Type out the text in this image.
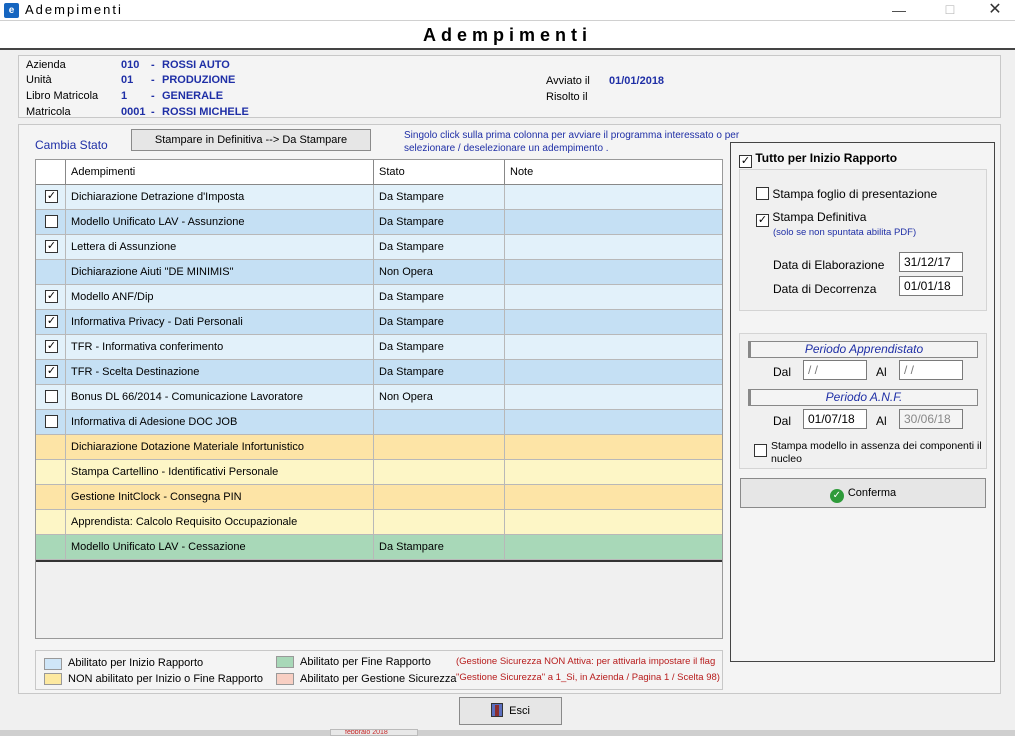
e Adempimenti	—	☐	✕
Adempimenti
Azienda	010 - ROSSI AUTO
Unità	01 - PRODUZIONE
Libro Matricola 1 - GENERALE
Matricola	0001 - ROSSI MICHELE
Avviato il 01/01/2018
Risolto il
Cambia Stato	Stampare in Definitiva --> Da Stampare	Singolo click sulla prima colonna per avviare il programma interessato o per selezionare / deselezionare un adempimento .
Adempimenti	Stato	Note
✓	Dichiarazione Detrazione d'Imposta	Da Stampare
Modello Unificato LAV - Assunzione	Da Stampare
✓	Lettera di Assunzione	Da Stampare
Dichiarazione Aiuti "DE MINIMIS"	Non Opera
✓	Modello ANF/Dip	Da Stampare
✓	Informativa Privacy - Dati Personali	Da Stampare
✓	TFR - Informativa conferimento	Da Stampare
✓	TFR - Scelta Destinazione	Da Stampare
Bonus DL 66/2014 - Comunicazione Lavoratore	Non Opera
Informativa di Adesione DOC JOB
Dichiarazione Dotazione Materiale Infortunistico
Stampa Cartellino - Identificativi Personale
Gestione InitClock - Consegna PIN
Apprendista: Calcolo Requisito Occupazionale
Modello Unificato LAV - Cessazione	Da Stampare
Abilitato per Inizio Rapporto
NON abilitato per Inizio o Fine Rapporto
Abilitato per Fine Rapporto
Abilitato per Gestione Sicurezza
(Gestione Sicurezza NON Attiva: per attivarla impostare il flag
"Gestione Sicurezza" a 1_Si, in Azienda / Pagina 1 / Scelta 98)
✓ Tutto per Inizio Rapporto
Stampa foglio di presentazione
✓ Stampa Definitiva
(solo se non spuntata abilita PDF)
Data di Elaborazione	31/12/17
Data di Decorrenza	01/01/18
Periodo Apprendistato
Dal	/ /	Al	/ /
Periodo A.N.F.
Dal	01/07/18	Al	30/06/18
Stampa modello in assenza dei componenti il nucleo
✓ Conferma
Esci
febbraio 2018
